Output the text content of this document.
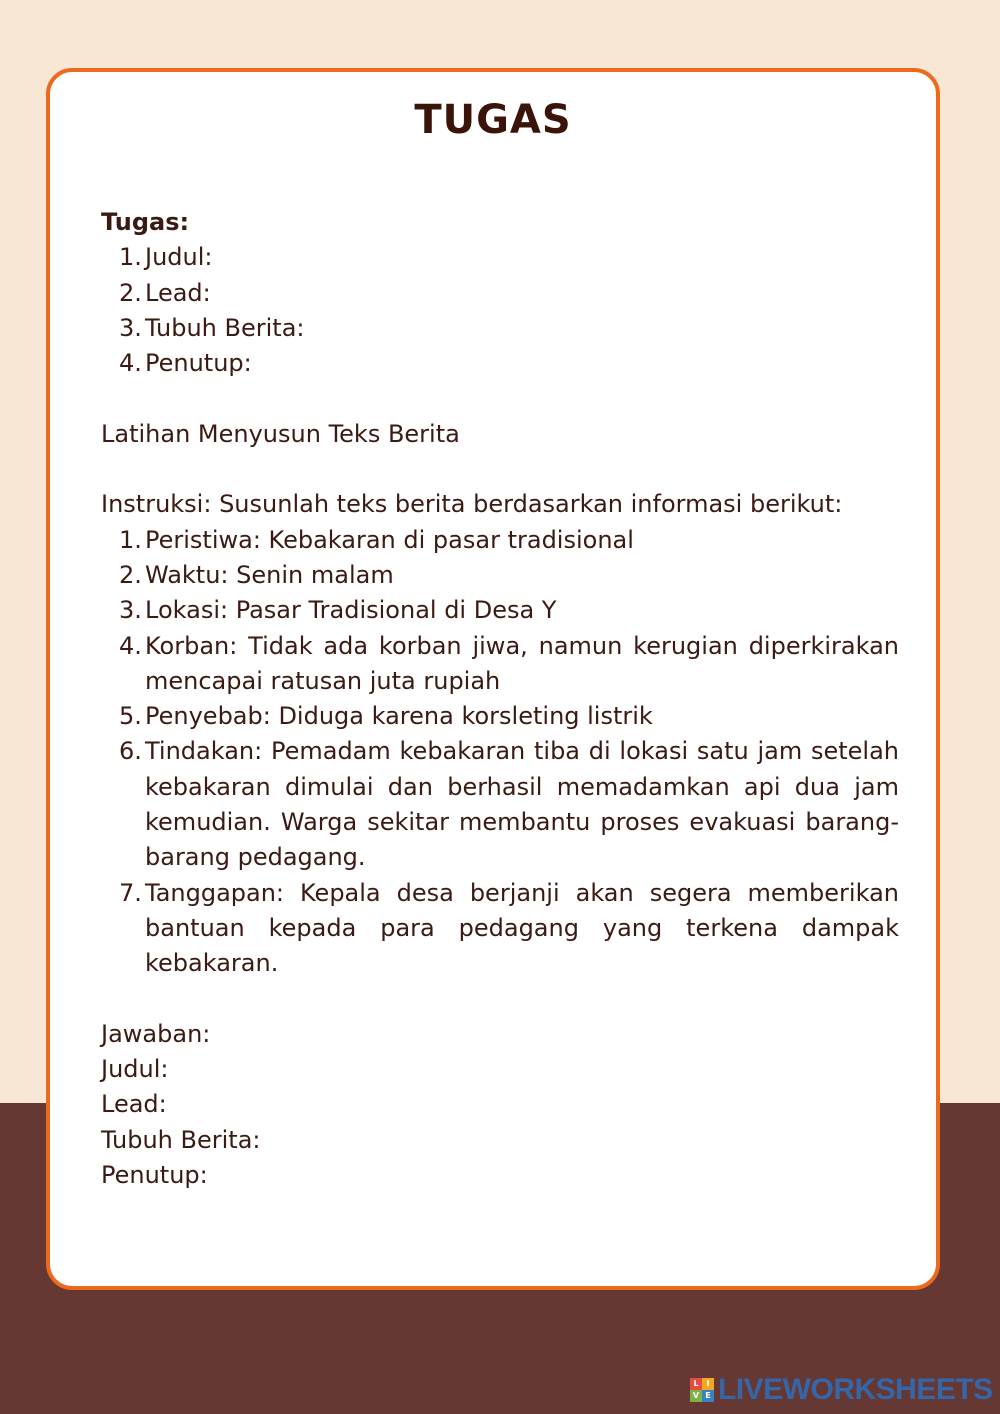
TUGAS

Tugas:

1. Judul:
2. Lead:
3. Tubuh Berita:
4. Penutup:

Latihan Menyusun Teks Berita

Instruksi: Susunlah teks berita berdasarkan informasi berikut:

1. Peristiwa: Kebakaran di pasar tradisional
2. Waktu: Senin malam
3. Lokasi: Pasar Tradisional di Desa Y
4. Korban: Tidak ada korban jiwa, namun kerugian diperkirakan mencapai ratusan juta rupiah
5. Penyebab: Diduga karena korsleting listrik
6. Tindakan: Pemadam kebakaran tiba di lokasi satu jam setelah kebakaran dimulai dan berhasil memadamkan api dua jam kemudian. Warga sekitar membantu proses evakuasi barang-barang pedagang.
7. Tanggapan: Kepala desa berjanji akan segera memberikan bantuan kepada para pedagang yang terkena dampak kebakaran.

Jawaban:

Judul:

Lead:

Tubuh Berita:

Penutup:

L I
V E LIVEWORKSHEETS
